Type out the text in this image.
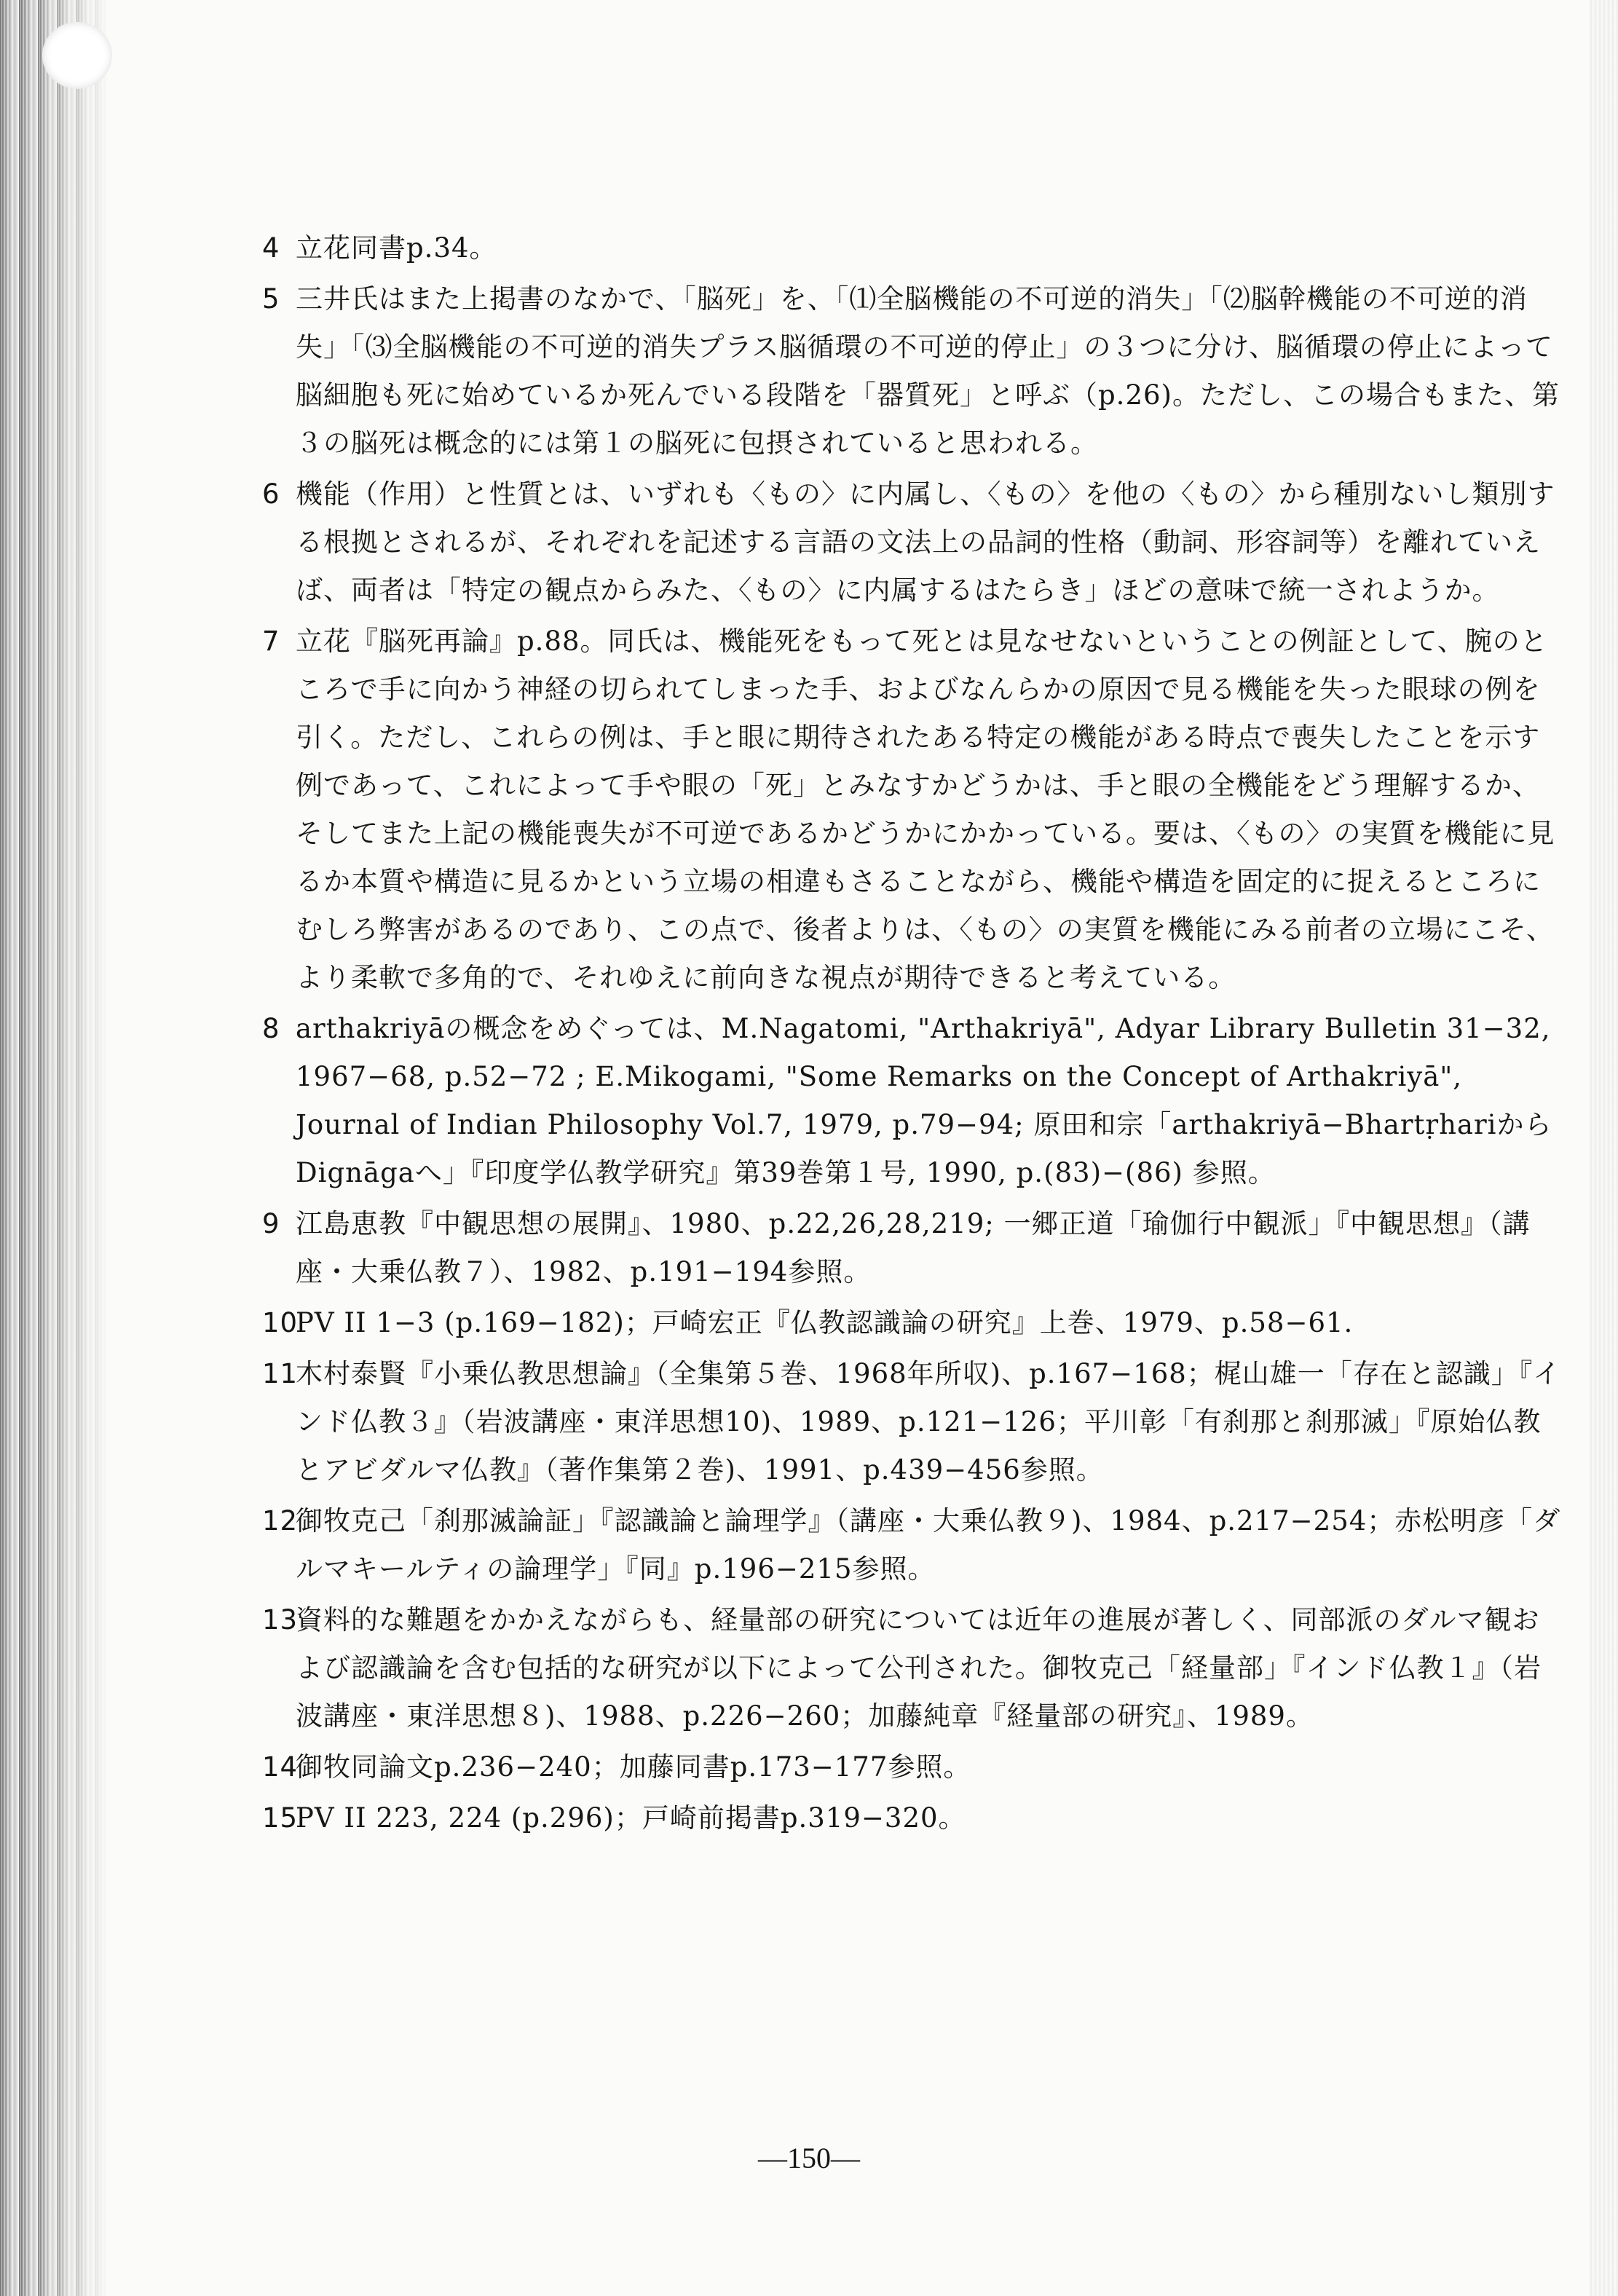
4 立花同書p.34。
5 三井氏はまた上掲書のなかで、「脳死」を、「⑴全脳機能の不可逆的消失」「⑵脳幹機能の不可逆的消失」「⑶全脳機能の不可逆的消失プラス脳循環の不可逆的停止」の３つに分け、脳循環の停止によって脳細胞も死に始めているか死んでいる段階を「器質死」と呼ぶ（p.26)。ただし、この場合もまた、第３の脳死は概念的には第１の脳死に包摂されていると思われる。
6 機能（作用）と性質とは、いずれも〈もの〉に内属し、〈もの〉を他の〈もの〉から種別ないし類別する根拠とされるが、それぞれを記述する言語の文法上の品詞的性格（動詞、形容詞等）を離れていえば、両者は「特定の観点からみた、〈もの〉に内属するはたらき」ほどの意味で統一されようか。
7 立花『脳死再論』p.88。同氏は、機能死をもって死とは見なせないということの例証として、腕のところで手に向かう神経の切られてしまった手、およびなんらかの原因で見る機能を失った眼球の例を引く。ただし、これらの例は、手と眼に期待されたある特定の機能がある時点で喪失したことを示す例であって、これによって手や眼の「死」とみなすかどうかは、手と眼の全機能をどう理解するか、そしてまた上記の機能喪失が不可逆であるかどうかにかかっている。要は、〈もの〉の実質を機能に見るか本質や構造に見るかという立場の相違もさることながら、機能や構造を固定的に捉えるところにむしろ弊害があるのであり、この点で、後者よりは、〈もの〉の実質を機能にみる前者の立場にこそ、より柔軟で多角的で、それゆえに前向きな視点が期待できると考えている。
8 arthakriyāの概念をめぐっては、M.Nagatomi, "Arthakriyā", Adyar Library Bulletin 31−32, 1967−68, p.52−72 ; E.Mikogami, "Some Remarks on the Concept of Arthakriyā", Journal of Indian Philosophy Vol.7, 1979, p.79−94; 原田和宗「arthakriyā−BhartṛhariからDignāgaへ」『印度学仏教学研究』第39巻第１号, 1990, p.(83)−(86) 参照。
9 江島恵教『中観思想の展開』、1980、p.22,26,28,219; 一郷正道「瑜伽行中観派」『中観思想』（講座・大乗仏教７）、1982、p.191−194参照。
10
PV II 1−3 (p.169−182)；戸崎宏正『仏教認識論の研究』上巻、1979、p.58−61.
11
木村泰賢『小乗仏教思想論』（全集第５巻、1968年所収)、p.167−168；梶山雄一「存在と認識」『インド仏教３』（岩波講座・東洋思想10)、1989、p.121−126；平川彰「有刹那と刹那滅」『原始仏教とアビダルマ仏教』（著作集第２巻)、1991、p.439−456参照。
12
御牧克己「刹那滅論証」『認識論と論理学』（講座・大乗仏教９)、1984、p.217−254；赤松明彦「ダルマキールティの論理学」『同』p.196−215参照。
13
資料的な難題をかかえながらも、経量部の研究については近年の進展が著しく、同部派のダルマ観および認識論を含む包括的な研究が以下によって公刊された。御牧克己「経量部」『インド仏教１』（岩波講座・東洋思想８)、1988、p.226−260；加藤純章『経量部の研究』、1989。
14
御牧同論文p.236−240；加藤同書p.173−177参照。
15
PV II 223, 224 (p.296)；戸崎前掲書p.319−320。
—150—
